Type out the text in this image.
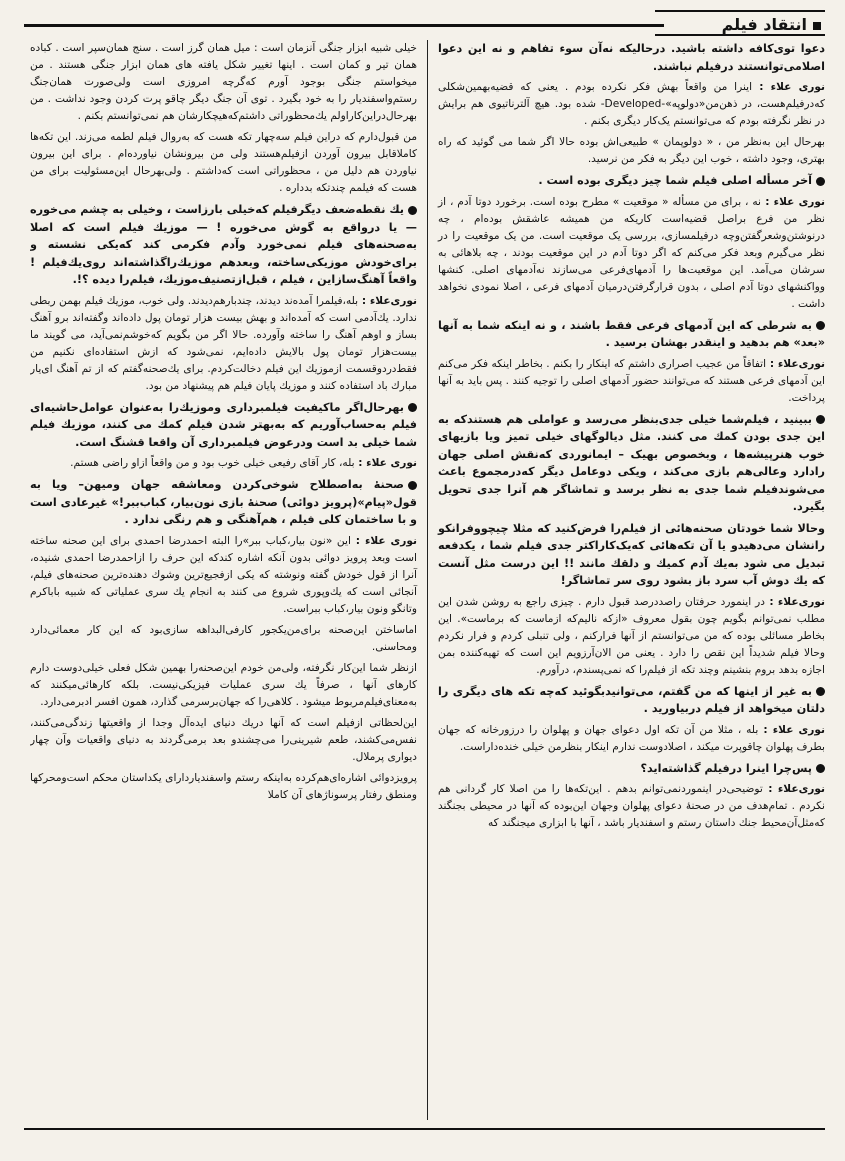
انتقاد فیلم

دعوا توی‌کافه داشته باشید. درحالیکه نه‌آن سوء تفاهم و نه این دعوا اصلا‌می‌توانستند درفیلم نباشند.

نوری علاء : اینرا من واقعاً بهش فکر نکرده بودم . یعنی که قضیه‌بهمین‌شکلی که‌درفیلم‌هست، در ذهن‌من‌«دولوپه»-Developed- شده بود. هیچ آلترناتیوی هم برایش در نظر نگرفته بودم که می‌توانستم یک‌کار دیگری بکنم .

بهرحال این به‌نظر من ، « دولوپمان » طبیعی‌اش بوده حالا اگر شما می گوئید که راه بهتری، وجود داشته ، خوب این دیگر به فکر من نرسید.

آخر مسأله اصلی فیلم شما چیز دیگری بوده است .

نوری علاء : نه ، برای من مسأله « موقعیت » مطرح بوده است. برخورد دوتا آدم ، از نظر من فرع براصل قضیه‌است کاریکه من همیشه عاشقش بوده‌ام ، چه درنوشتن‌وشعرگفتن‌وچه درفیلمسازی، بررسی یک موقعیت است. من یک موقعیت را در نظر می‌گیرم وبعد فکر می‌کنم که اگر دوتا آدم در این موقعیت بودند ، چه بلاهائی به سرشان می‌آمد. این موقعیت‌ها را آدمهای‌فرعی می‌سازند نه‌آدمهای اصلی. کنشها وواکنشهای دوتا آدم اصلی ، بدون قرارگرفتن‌درمیان آدمهای فرعی ، اصلا نمودی نخواهد داشت .

به شرطی که این آدمهای فرعی فقط باشند ، و نه اینکه شما به آنها «بعد» هم بدهید و اینقدر بهشان برسید .

نوری‌علاء : اتفاقاً من عجیب اصراری داشتم که اینکار را بکنم . بخاطر اینکه فکر می‌کنم این آدمهای فرعی هستند که می‌توانند حضور آدمهای اصلی را توجیه کنند . پس باید به آنها پرداخت.

ببینید ، فیلم‌شما خیلی جدی‌بنظر می‌رسد و عواملی هم هستندکه به این جدی بودن کمك می کنند. مثل دیالوگهای خیلی تمیز ویا بازیهای خوب هنرپیشه‌ها ، وبخصوص بهیک – ایمانوردی که‌نقش اصلی جهان رادارد وعالی‌هم بازی می‌کند ، ویکی دوعامل دیگر که‌درمجموع باعث می‌شوندفیلم شما جدی به نظر برسد و تماشاگر هم آنرا جدی تحویل بگیرد.

وحالا شما خودتان صحنه‌هائی از فیلم‌را فرض‌کنید که مثلا چیچو‌وفرانکو رانشان می‌دهیدو یا آن تکه‌هائی که‌یک‌کاراکتر جدی فیلم شما ، یکدفعه تبدیل می شود به‌یك آدم کمیك و دلقك مانند !! این درست مثل آنست که یك دوش آب سرد باز بشود روی سر تماشاگر!

نوری‌علاء : در اینمورد حرفتان راصددرصد قبول دارم . چیزی راجع به روشن شدن این مطلب نمی‌توانم بگویم چون بقول معروف «ازکه نالیم‌که ازماست که برماست». این بخاطر مسائلی بوده که من می‌توانستم از آنها فرارکنم ، ولی تنبلی کردم و فرار نکردم وحالا فیلم شدیداً این نقص را دارد . یعنی من الان‌آرزویم این است که تهیه‌کننده بمن اجازه بدهد بروم بنشینم وچند تکه از فیلم‌را که نمی‌پسندم، در‌آورم.

به غیر از اینها که من گفتم، می‌توانیدبگوئید که‌چه تکه های دیگری را دلتان میخواهد از فیلم دربیاورید .

نوری علاء : بله ، مثلا من آن تکه اول دعوای جهان و پهلوان را درزورخانه که جهان بطرف پهلوان چاقوپرت میکند ، اصلادوست ندارم اینکار بنظرمن خیلی خنده‌داراست.

پس‌چرا اینرا درفیلم گذاشته‌اید؟

نوری‌علاء : توضیحی‌در اینمورد‌نمی‌توانم بدهم . این‌تکه‌ها را من اصلا کار گردانی هم نکردم . تمام‌هدف من در صحنهٔ دعوای پهلوان وجهان این‌بوده که آنها در محیطی بجنگند که‌مثل‌آن‌محیط جنك داستان رستم و اسفندیار باشد ، آنها با ابزاری میجنگند که

خیلی شبیه ابزار جنگی آنزمان است : میل همان گرز است . سنج همان‌سپر است . کباده همان تیر و کمان است . اینها تغییر شکل یافته های همان ابزار جنگی هستند . من میخواستم جنگی بوجود آورم که‌گرچه امروزی است ولی‌صورت همان‌جنگ رستم‌واسفندیار را به خود بگیرد . توی آن جنگ دیگر چاقو پرت کردن وجود نداشت . من بهرحال‌دراین‌کاراولم یك‌محظوراتی داشتم‌که‌هیچکارشان هم نمی‌توانستم بکنم .

من قبول‌دارم که دراین فیلم سه‌چهار تکه هست که به‌روال فیلم لطمه می‌زند. این تکه‌ها کاملاقابل بیرون آوردن ازفیلم‌هستند ولی من بیرونشان نیاورده‌ام . برای این بیرون نیاوردن هم دلیل من ، محظوراتی است که‌داشتم . ولی‌بهرحال این‌مسئولیت برای من هست که فیلمم چندتکه بدداره .

یك نقطه‌ضعف دیگرفیلم که‌خیلی بارزاست ، وخیلی به چشم می‌خوره — یا درواقع به گوش می‌خوره ! — موزیك فیلم است که اصلا به‌صحنه‌های فیلم نمی‌خورد وآدم فکرمی کند که‌یکی نشسته و برای‌خودش موزیکی‌ساخته، وبعدهم موزیك‌را‌گذاشته‌اند روی‌یك‌فیلم ! واقعاً آهنگ‌سازاین ، فیلم ، قبل‌ازتصنیف‌موزیك، فیلم‌را دیده ؟!.

نوری‌علاء : بله،فیلمرا آمده‌ند دیدند، چندبارهم‌دیدند. ولی خوب، موزیك فیلم بهمن ربطی ندارد. یك‌آدمی است که آمده‌اند و بهش بیست هزار تومان پول داده‌اند وگفته‌اند برو آهنگ بساز و اوهم آهنگ را ساخته وآورده. حالا اگر من بگویم که‌خوشم‌نمی‌آید، می گویند ما بیست‌هزار تومان پول بالایش داده‌ایم، نمی‌شود که ازش استفاده‌ای نکنیم من فقط‌دردوقسمت ازموزیك این فیلم دخالت‌کردم. برای یك‌صحنه‌گفتم که از تم آهنگ ای‌یار مبارك باد استفاده کنند و موزیك پایان فیلم هم پیشنهاد من بود.

بهرحال‌اگر ماکیفیت فیلمبرداری وموزیك‌را به‌عنوان عوامل‌حاشیه‌ای فیلم به‌حساب‌آوریم که به‌بهتر شدن فیلم کمك می کنند، موزیك فیلم شما خیلی بد است ودرعوض فیلمبرداری آن واقعا قشنگ است.

نوری علاء : بله، کار آقای رفیعی خیلی خوب بود و من واقعاً ازاو راضی هستم.

صحنهٔ به‌اصطلاح شوخی‌کردن ومعاشقه جهان ومیهن– ویا به قول«پیام»(پرویز دوائی) صحنهٔ بازی نون‌بیار، کباب‌ببر!» غیرعادی است و با ساختمان کلی فیلم ، هم‌آهنگی و هم رنگی ندارد .

نوری علاء : این «نون بیار،کباب ببر»را البته احمدرضا احمدی برای این صحنه ساخته است وبعد پرویز دوائی بدون آنکه اشاره کندکه این حرف را ازاحمدرضا احمدی شنیده، آنرا از قول خودش گفته ونوشته که یکی ازفجیع‌ترین وشوك دهنده‌ترین صحنه‌های فیلم، آنجائی است که یك‌وپوری شروع می کنند به انجام یك سری عملیاتی که شبیه باباکرم وتانگو ونون بیار،کباب ببراست.

اما‌ساختن این‌صحنه برای‌من‌یکجور کارفی‌البداهه سازی‌بود که این کار معمائی‌دارد ومحاسنی.

ازنظر شما این‌کار نگرفته، ولی‌من خودم این‌صحنه‌را بهمین شکل فعلی خیلی‌دوست دارم کارهای آنها ، صرفاً یك سری عملیات فیزیکی‌نیست. بلکه کارهائی‌میکنند که به‌معنای‌فیلم‌مربوط میشود . کلاهی‌را که جهان‌برسرمی گذارد، همون افسر اد‌برمی‌دارد.

این‌لحظاتی ازفیلم است که آنها دریك دنیای ایده‌آل وجدا از واقعیتها زندگی‌می‌کنند، نفس‌می‌کشند، طعم شیرینی‌را می‌چشندو بعد برمی‌گردند به دنیای واقعیات وآن چهار دیواری پرملال.

پرویزدوائی اشاره‌ای‌هم‌کرده به‌اینکه رستم واسفندیاردارای یکداستان محکم است‌ومحرکها ومنطق رفتار پرسوناژهای آن کاملا
